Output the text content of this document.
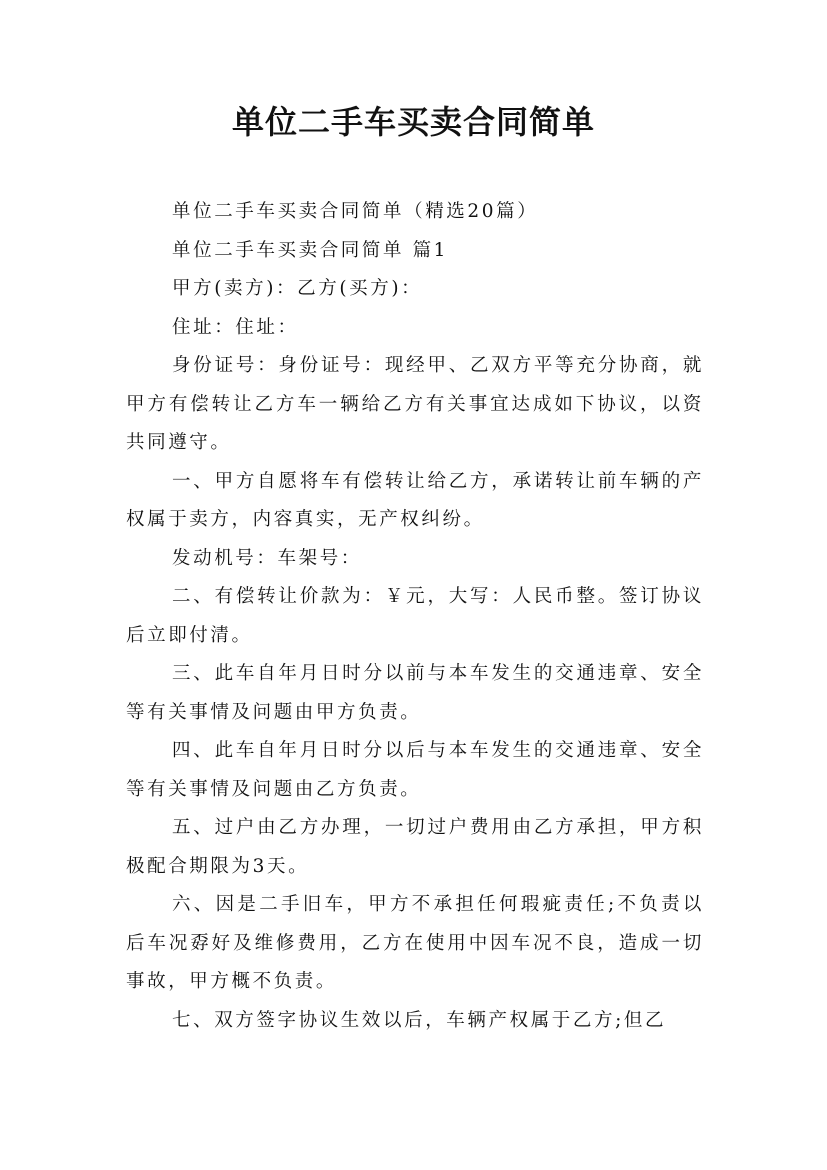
单位二手车买卖合同简单

单位二手车买卖合同简单（精选20篇）

单位二手车买卖合同简单 篇1

甲方(卖方)：乙方(买方)：

住址：住址：

身份证号：身份证号：现经甲、乙双方平等充分协商，就甲方有偿转让乙方车一辆给乙方有关事宜达成如下协议，以资共同遵守。

一、甲方自愿将车有偿转让给乙方，承诺转让前车辆的产权属于卖方，内容真实，无产权纠纷。

发动机号：车架号：

二、有偿转让价款为：￥元，大写：人民币整。签订协议后立即付清。

三、此车自年月日时分以前与本车发生的交通违章、安全等有关事情及问题由甲方负责。

四、此车自年月日时分以后与本车发生的交通违章、安全等有关事情及问题由乙方负责。

五、过户由乙方办理，一切过户费用由乙方承担，甲方积极配合期限为3天。

六、因是二手旧车，甲方不承担任何瑕疵责任;不负责以后车况孬好及维修费用，乙方在使用中因车况不良，造成一切事故，甲方概不负责。

七、双方签字协议生效以后，车辆产权属于乙方;但乙
